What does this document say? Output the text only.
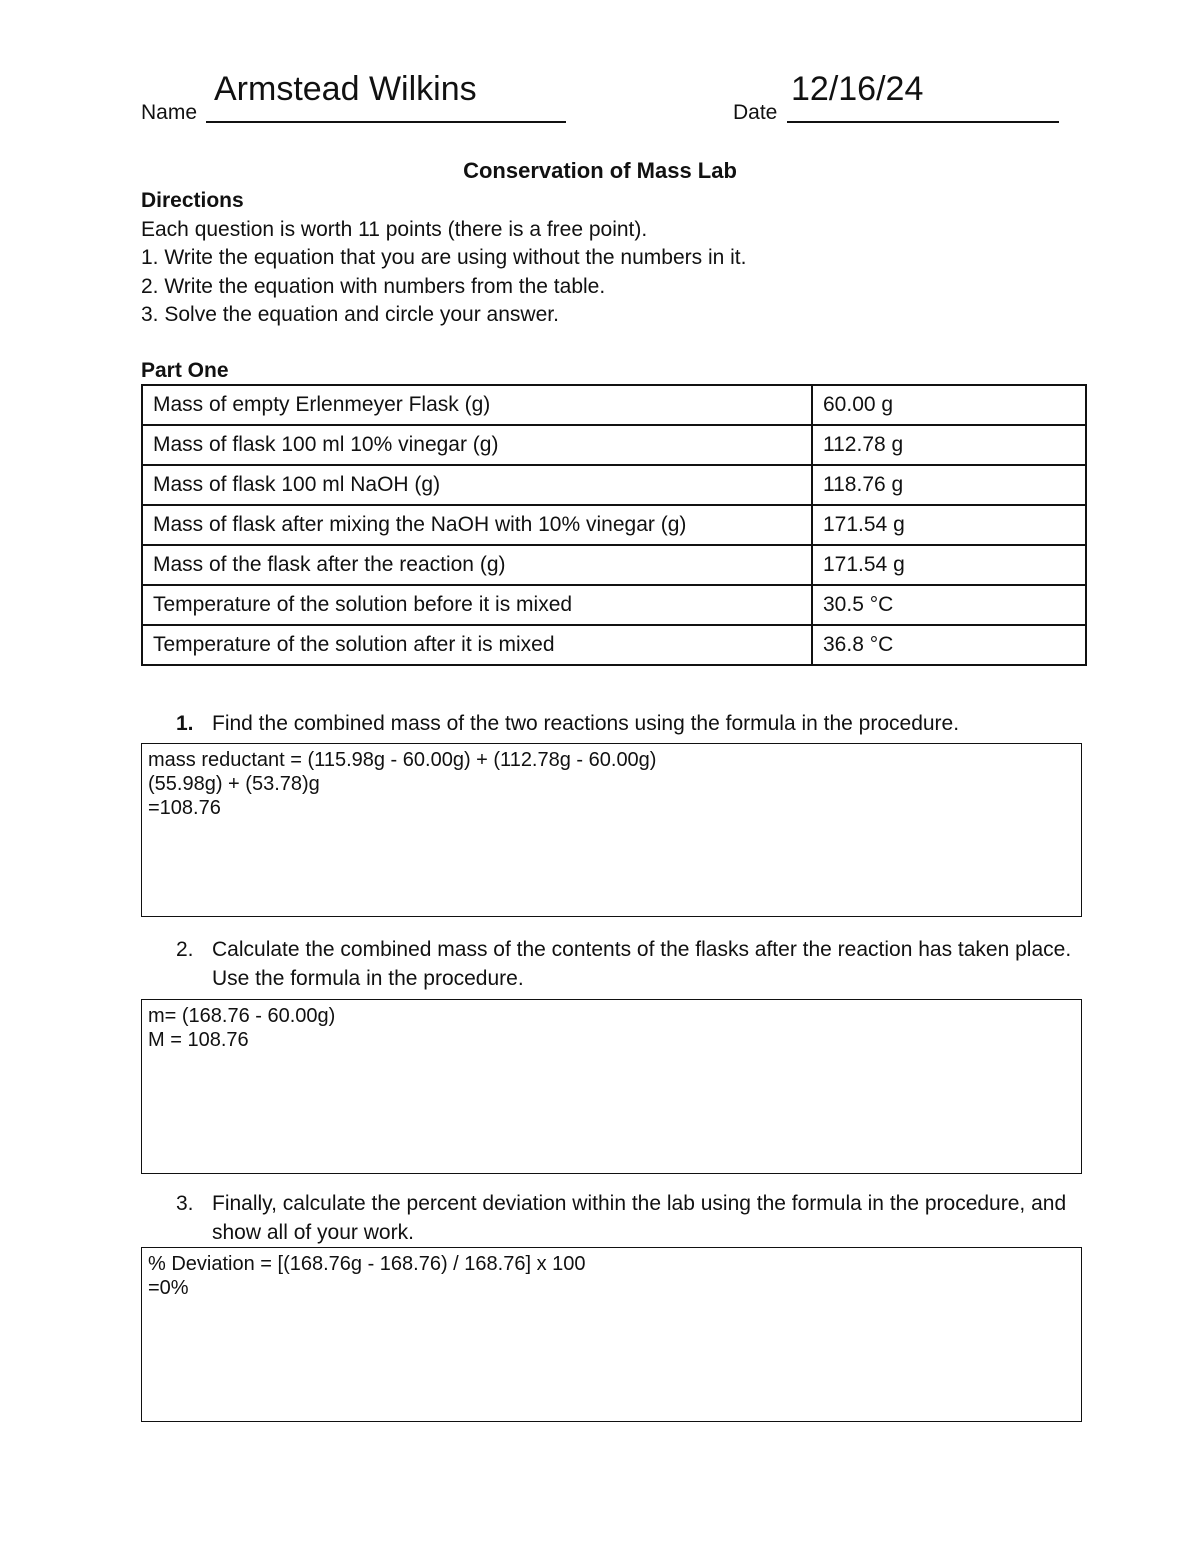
Name
Armstead Wilkins
Date
12/16/24
Conservation of Mass Lab
Directions
Each question is worth 11 points (there is a free point).
1. Write the equation that you are using without the numbers in it.
2. Write the equation with numbers from the table.
3. Solve the equation and circle your answer.
Part One
Mass of empty Erlenmeyer Flask (g)	60.00 g
Mass of flask 100 ml 10% vinegar (g)	112.78 g
Mass of flask 100 ml NaOH (g)	118.76 g
Mass of flask after mixing the NaOH with 10% vinegar (g)	171.54 g
Mass of the flask after the reaction (g)	171.54 g
Temperature of the solution before it is mixed	30.5 °C
Temperature of the solution after it is mixed	36.8 °C
1. Find the combined mass of the two reactions using the formula in the procedure.
mass reductant = (115.98g - 60.00g) + (112.78g - 60.00g)
(55.98g) + (53.78)g
=108.76
2. Calculate the combined mass of the contents of the flasks after the reaction has taken place. Use the formula in the procedure.
m= (168.76 - 60.00g)
M = 108.76
3. Finally, calculate the percent deviation within the lab using the formula in the procedure, and show all of your work.
% Deviation = [(168.76g - 168.76) / 168.76] x 100
=0%
